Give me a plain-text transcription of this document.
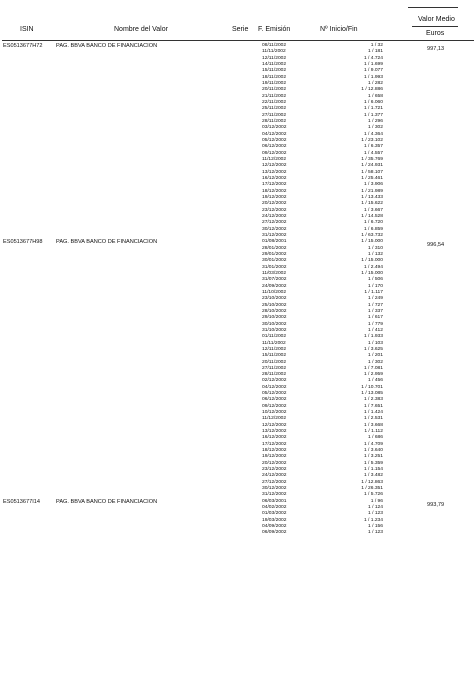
ISIN	Nombre del Valor	Serie F. Emisión	Nº Inicio/Fin
Valor Medio
Euros
ES0513677H72 PAG. BBVA BANCO DE FINANCIACION	997,13
08/11/2002	1 / 32
11/11/2002	1 / 181
12/11/2002	1 / 4.724
14/11/2002	1 / 1.699
15/11/2002	1 / 9.077
18/11/2002	1 / 1.993
19/11/2002	1 / 282
20/11/2002	1 / 12.886
21/11/2002	1 / 658
22/11/2002	1 / 6.060
25/11/2002	1 / 1.721
27/11/2002	1 / 1.377
28/11/2002	1 / 296
03/12/2002	1 / 302
04/12/2002	1 / 4.364
05/12/2002	1 / 23.102
06/12/2002	1 / 6.357
09/12/2002	1 / 4.557
11/12/2002	1 / 35.769
12/12/2002	1 / 24.931
13/12/2002	1 / 58.107
16/12/2002	1 / 25.461
17/12/2002	1 / 3.906
18/12/2002	1 / 21.989
19/12/2002	1 / 13.433
20/12/2002	1 / 15.622
23/12/2002	1 / 3.667
24/12/2002	1 / 14.528
27/12/2002	1 / 6.720
30/12/2002	1 / 6.859
31/12/2002	1 / 63.732
ES0513677H98 PAG. BBVA BANCO DE FINANCIACION	996,54
01/08/2001	1 / 15.000
28/01/2002	1 / 310
29/01/2002	1 / 132
30/01/2002	1 / 15.000
31/01/2002	1 / 2.494
11/03/2002	1 / 15.000
31/07/2002	1 / 506
24/09/2002	1 / 170
11/10/2002	1 / 1.117
23/10/2002	1 / 249
25/10/2002	1 / 727
28/10/2002	1 / 337
29/10/2002	1 / 617
30/10/2002	1 / 779
31/10/2002	1 / 412
01/11/2002	1 / 1.933
11/11/2002	1 / 103
12/11/2002	1 / 3.625
15/11/2002	1 / 201
20/11/2002	1 / 302
27/11/2002	1 / 7.081
28/11/2002	1 / 2.959
02/12/2002	1 / 456
04/12/2002	1 / 10.701
05/12/2002	1 / 13.085
06/12/2002	1 / 2.383
09/12/2002	1 / 7.651
10/12/2002	1 / 1.424
11/12/2002	1 / 2.531
12/12/2002	1 / 3.668
13/12/2002	1 / 1.112
16/12/2002	1 / 686
17/12/2002	1 / 4.709
18/12/2002	1 / 3.640
19/12/2002	1 / 3.251
20/12/2002	1 / 5.359
23/12/2002	1 / 1.154
24/12/2002	1 / 3.482
27/12/2002	1 / 12.863
30/12/2002	1 / 26.351
31/12/2002	1 / 5.726
ES0513677I14	PAG. BBVA BANCO DE FINANCIACION	993,79
06/03/2001	1 / 96
04/02/2002	1 / 124
01/03/2002	1 / 123
19/03/2002	1 / 1.234
04/09/2002	1 / 156
06/09/2002	1 / 123
